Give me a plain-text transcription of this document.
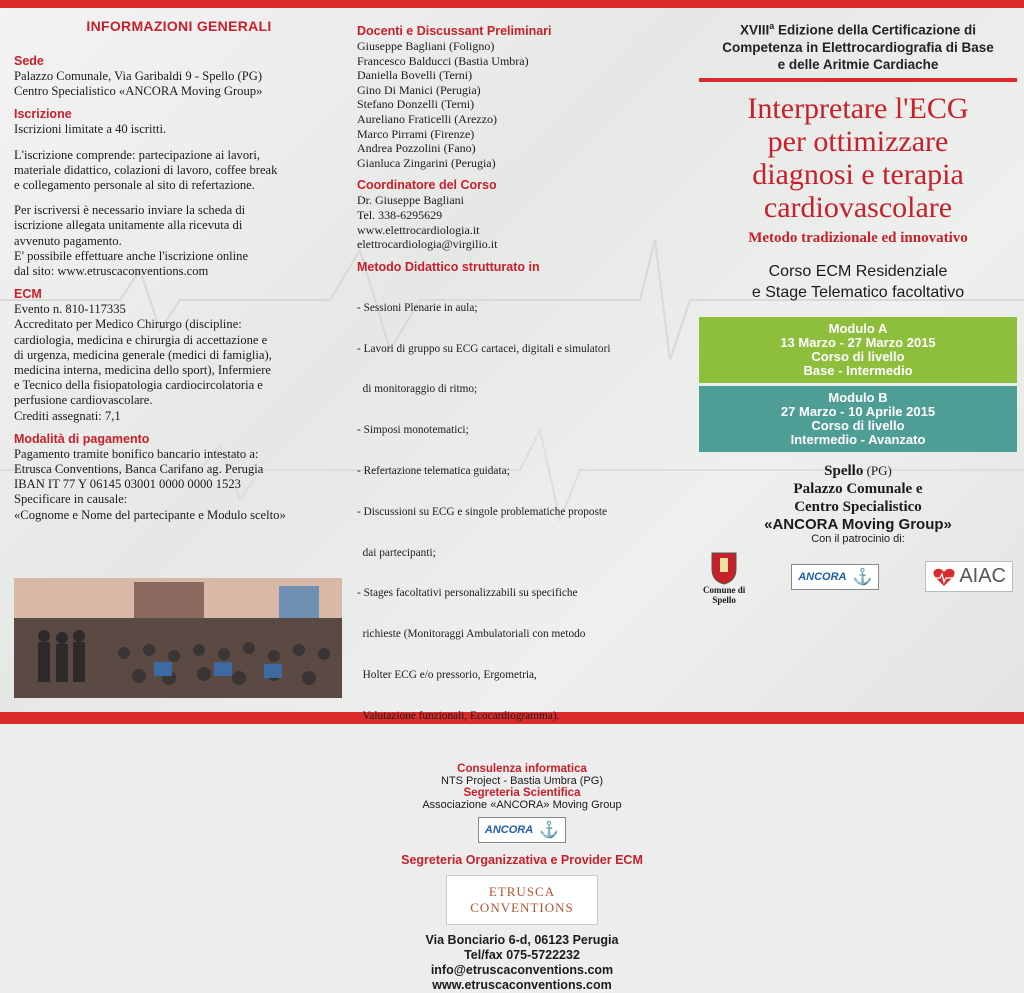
INFORMAZIONI GENERALI
Sede

Palazzo Comunale, Via Garibaldi 9 - Spello (PG)

Centro Specialistico «ANCORA Moving Group»

Iscrizione

Iscrizioni limitate a 40 iscritti.

L'iscrizione comprende: partecipazione ai lavori,

materiale didattico, colazioni di lavoro, coffee break

e collegamento personale al sito di refertazione.

Per iscriversi è necessario inviare la scheda di

iscrizione allegata unitamente alla ricevuta di

avvenuto pagamento.

E' possibile effettuare anche l'iscrizione online

dal sito: www.etruscaconventions.com

ECM

Evento n. 810-117335

Accreditato per Medico Chirurgo (discipline:

cardiologia, medicina e chirurgia di accettazione e

di urgenza, medicina generale (medici di famiglia),

medicina interna, medicina dello sport), Infermiere

e Tecnico della fisiopatologia cardiocircolatoria e

perfusione cardiovascolare.

Crediti assegnati: 7,1

Modalità di pagamento

Pagamento tramite bonifico bancario intestato a:

Etrusca Conventions, Banca Carifano ag. Perugia

IBAN IT 77 Y 06145 03001 0000 0000 1523

Specificare in causale:

«Cognome e Nome del partecipante e Modulo scelto»

Docenti e Discussant Preliminari
Giuseppe Bagliani (Foligno)
Francesco Balducci (Bastia Umbra)
Daniella Bovelli (Terni)
Gino Di Manici (Perugia)
Stefano Donzelli (Terni)
Aureliano Fraticelli (Arezzo)
Marco Pirrami (Firenze)
Andrea Pozzolini (Fano)
Gianluca Zingarini (Perugia)
Coordinatore del Corso
Dr. Giuseppe Bagliani
Tel. 338-6295629
www.elettrocardiologia.it
elettrocardiologia@virgilio.it
Metodo Didattico strutturato in

- Sessioni Plenarie in aula;

- Lavori di gruppo su ECG cartacei, digitali e simulatori

di monitoraggio di ritmo;

- Simposi monotematici;

- Refertazione telematica guidata;

- Discussioni su ECG e singole problematiche proposte

dai partecipanti;

- Stages facoltativi personalizzabili su specifiche

richieste (Monitoraggi Ambulatoriali con metodo

Holter ECG e/o pressorio, Ergometria,

Valutazione funzionali, Ecocardiogramma).

Consulenza informatica
NTS Project - Bastia Umbra (PG)
Segreteria Scientifica
Associazione «ANCORA» Moving Group
ANCORA ⚓
Segreteria Organizzativa e Provider ECM
ETRUSCA
CONVENTIONS
Via Bonciario 6-d, 06123 Perugia
Tel/fax 075-5722232
info@etruscaconventions.com
www.etruscaconventions.com
XVIII$^a$ Edizione della Certificazione di
Competenza in Elettrocardiografia di Base
e delle Aritmie Cardiache
Interpretare l'ECG
per ottimizzare
diagnosi e terapia
cardiovascolare
Metodo tradizionale ed innovativo
Corso ECM Residenziale
e Stage Telematico facoltativo
Modulo A
13 Marzo - 27 Marzo 2015
Corso di livello
Base - Intermedio
Modulo B
27 Marzo - 10 Aprile 2015
Corso di livello
Intermedio - Avanzato
Spello (PG)
Palazzo Comunale e
Centro Specialistico
«ANCORA Moving Group»
Con il patrocinio di:
Comune di
Spello
ANCORA ⚓	AIAC
